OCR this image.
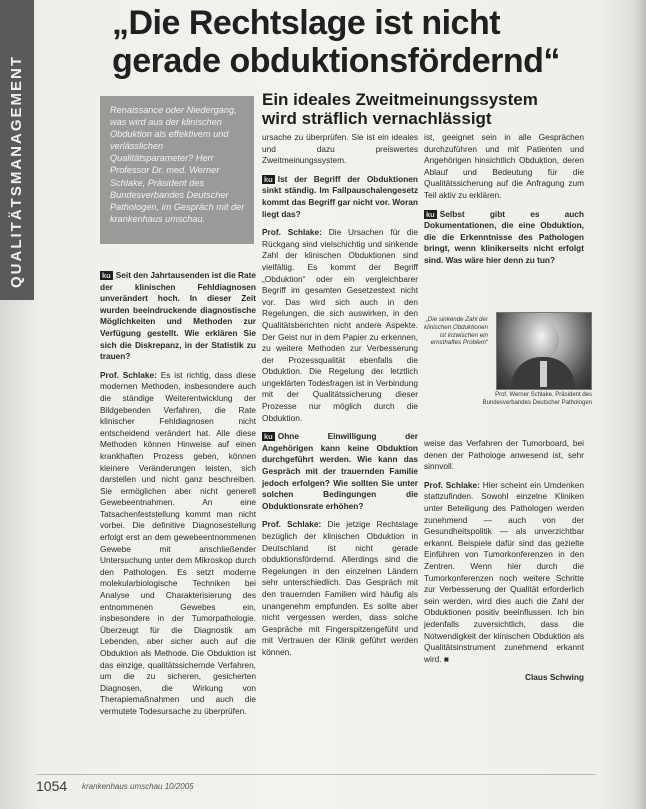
QUALITÄTSMANAGEMENT
„Die Rechtslage ist nicht
gerade obduktionsfördernd“
Renaissance oder Niedergang, was wird aus der klinischen Obduktion als effektivem und verlässlichen Qualitätsparameter? Herr Professor Dr. med. Werner Schlake, Präsident des Bundesverbandes Deutscher Pathologen, im Gespräch mit der krankenhaus umschau.
Ein ideales Zweitmeinungssystem
wird sträflich vernachlässigt

ku Seit den Jahrtausenden ist die Rate der klinischen Fehldiagnosen unverändert hoch. In dieser Zeit wurden beeindruckende diagnostische Möglichkeiten und Methoden zur Verfügung gestellt. Wie erklären Sie sich die Diskrepanz, in der Statistik zu trauen?

Prof. Schlake: Es ist richtig, dass diese modernen Methoden, insbesondere auch die ständige Weiterentwicklung der Bildgebenden Verfahren, die Rate klinischer Fehldiagnosen nicht entscheidend verändert hat. Alle diese Methoden können Hinweise auf einen krankhaften Prozess geben, können kleinere Veränderungen leisten, sich darstellen und nicht ganz beschreiben. Sie ermöglichen aber nicht generell Gewebeentnahmen. An eine Tatsachenfeststellung kommt man nicht vorbei. Die definitive Diagnosestellung erfolgt erst an dem gewebeentnommenen Gewebe mit anschließender Untersuchung unter dem Mikroskop durch den Pathologen. Es setzt moderne molekularbiologische Techniken bei Analyse und Charakterisierung des entnommenen Gewebes ein, insbesondere in der Tumorpathologie. Überzeugt für die Diagnostik am Lebenden, aber sicher auch auf die Obduktion als Methode. Die Obduktion ist das einzige, qualitätssichernde Verfahren, um die zu sicheren, gesicherten Diagnosen, die Wirkung von Therapiemaßnahmen und auch die vermutete Todesursache zu überprüfen.

ursache zu überprüfen. Sie ist ein ideales und dazu preiswertes Zweitmeinungssystem.

ku Ist der Begriff der Obduktionen sinkt ständig. Im Fallpauschalengesetz kommt das Begriff gar nicht vor. Woran liegt das?

Prof. Schlake: Die Ursachen für die Rückgang sind vielschichtig und sinkende Zahl der klinischen Obduktionen sind vielfältig. Es kommt der Begriff „Obduktion“ oder ein vergleichbarer Begriff im gesamten Gesetzestext nicht vor. Das wird sich auch in den Regelungen, die sich auswirken, in den Qualitätsberichten nicht andere Aspekte. Der Geist nur in dem Papier zu erkennen, zu weitere Methoden zur Verbesserung der Prozessqualität ebenfalls die Obduktion. Die Regelung der letztlich ungeklärten Todesfragen ist in Verbindung mit der Qualitätssicherung dieser Prozesse nur möglich durch die Obduktion.

ku Ohne Einwilligung der Angehörigen kann keine Obduktion durchgeführt werden. Wie kann das Gespräch mit der trauernden Familie jedoch erfolgen? Wie sollten Sie unter solchen Bedingungen die Obduktionsrate erhöhen?

Prof. Schlake: Die jetzige Rechtslage bezüglich der klinischen Obduktion in Deutschland ist nicht gerade obduktionsfördernd. Allerdings sind die Regelungen in den einzelnen Ländern sehr unterschiedlich. Das Gespräch mit den trauernden Familien wird häufig als unangenehm empfunden. Es sollte aber nicht vergessen werden, dass solche Gespräche mit Fingerspitzengefühl und mit Vertrauen der Klinik geführt werden können.

ist, geeignet sein in alle Gesprächen durchzuführen und mit Patienten und Angehörigen hinsichtlich Obduktion, deren Ablauf und Bedeutung für die Qualitätssicherung auf die Anfragung zum Teil aktiv zu erklären.

ku Selbst gibt es auch Dokumentationen, die eine Obduktion, die die Erkenntnisse des Pathologen bringt, wenn klinikerseits nicht erfolgt sind. Was wäre hier denn zu tun?

„Die sinkende Zahl der klinischen Obduktionen ist inzwischen ein ernsthaftes Problem“
Prof. Werner Schlake, Präsident des Bundesverbandes Deutscher Pathologen

weise das Verfahren der Tumorboard, bei denen der Pathologe anwesend ist, sehr sinnvoll.

Prof. Schlake: Hier scheint ein Umdenken stattzufinden. Sowohl einzelne Kliniken unter Beteiligung des Pathologen werden zunehmend — auch von der Gesundheitspolitik — als unverzichtbar erkannt. Beispiele dafür sind das gezielte Einführen von Tumorkonferenzen in den Zentren. Wenn hier durch die Tumorkonferenzen noch weitere Schritte zur Verbesserung der Qualität erforderlich sein werden, wird dies auch die Zahl der Obduktionen positiv beeinflussen. Ich bin jedenfalls zuversichtlich, dass die Notwendigkeit der klinischen Obduktion als Qualitätsinstrument zunehmend erkannt wird. ■

Claus Schwing
1054 krankenhaus umschau 10/2005
